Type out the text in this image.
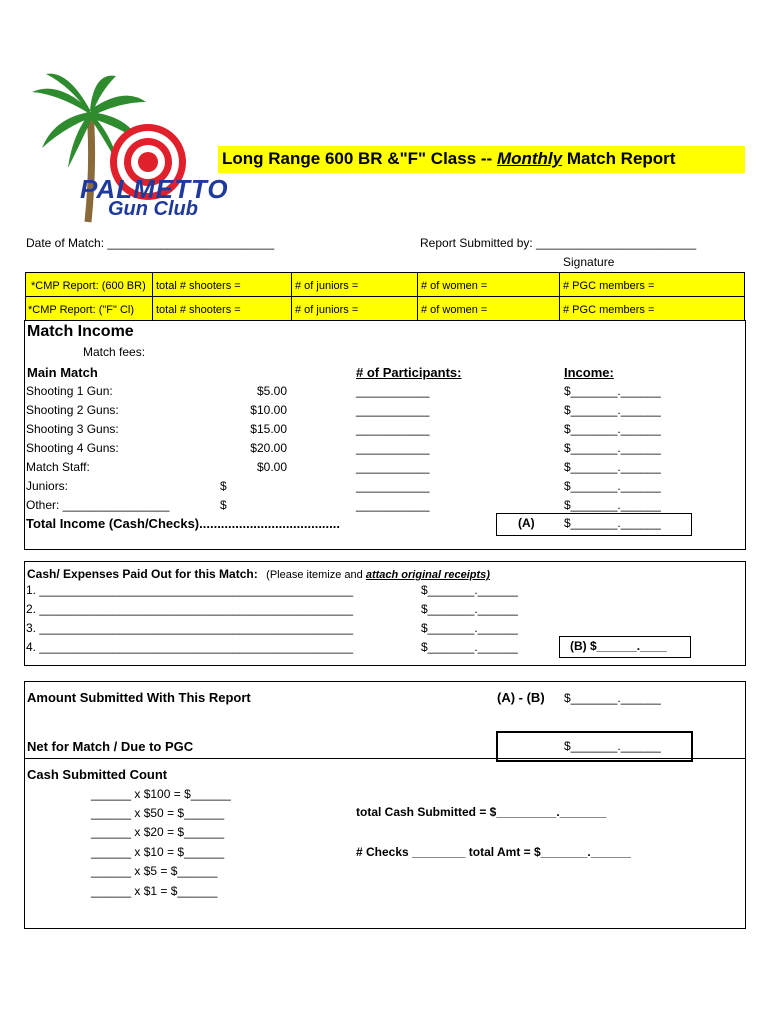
PALMETTO
Gun Club
Long Range 600 BR &"F" Class -- Monthly Match Report
Date of Match: _________________________	Report Submitted by: ________________________
Signature
*CMP Report: (600 BR) total # shooters =	# of juniors =	# of women =	# PGC members =
*CMP Report: ("F" Cl) total # shooters =	# of juniors =	# of women =	# PGC members =
Match Income
Match fees:
Main Match	# of Participants:	Income:
Shooting 1 Gun:	$5.00	___________	$_______.______
Shooting 2 Guns:	$10.00	___________	$_______.______
Shooting 3 Guns:	$15.00	___________	$_______.______
Shooting 4 Guns:	$20.00	___________	$_______.______
Match Staff:	$0.00	___________	$_______.______
Juniors:	$	___________	$_______.______
Other: ________________	$	___________	$_______.______
Total Income (Cash/Checks).......................................	(A) $_______.______
Cash/ Expenses Paid Out for this Match: (Please itemize and attach original receipts)
1. _______________________________________________	$_______.______
2. _______________________________________________	$_______.______
3. _______________________________________________	$_______.______
4. _______________________________________________	$_______.______	(B) $______.____
Amount Submitted With This Report	(A) - (B) $_______.______
Net for Match / Due to PGC	$_______.______
Cash Submitted Count
______ x $100 = $______
______ x $50 = $______
______ x $20 = $______
______ x $10 = $______
______ x $5 = $______
______ x $1 = $______
total Cash Submitted = $_________._______
# Checks ________ total Amt = $_______.______
